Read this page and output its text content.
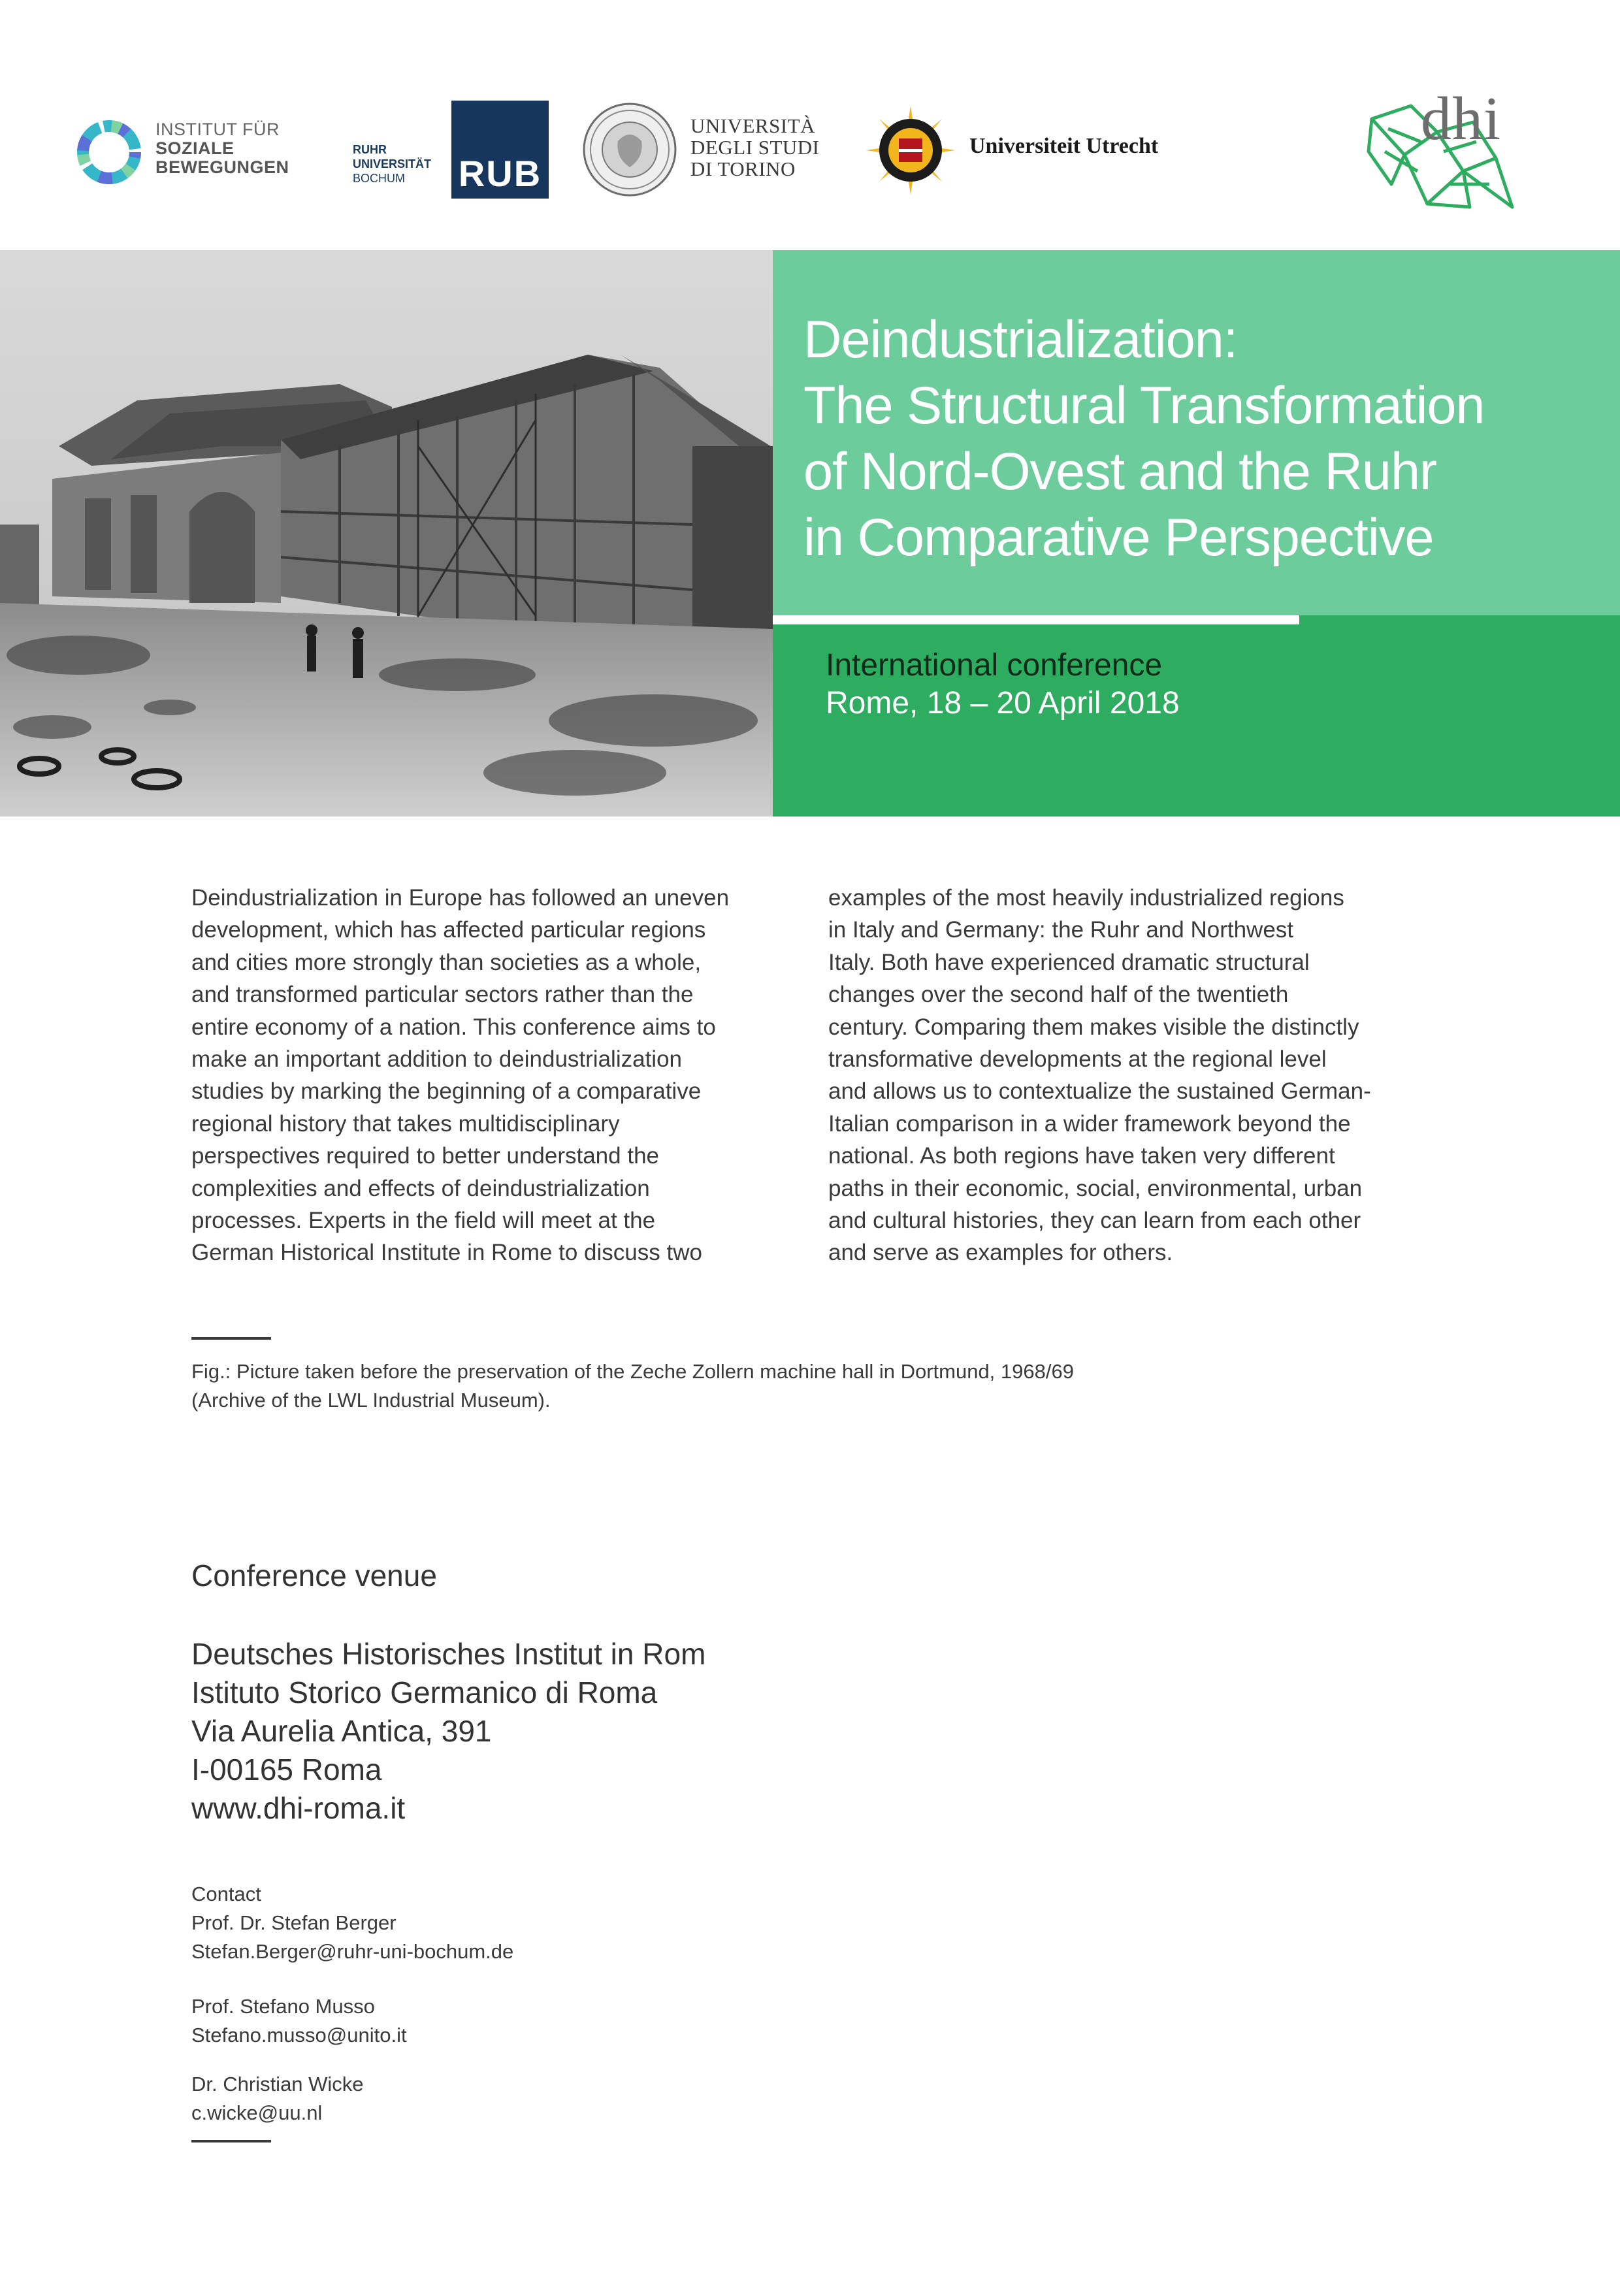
INSTITUT FÜR
SOZIALE
BEWEGUNGEN
RUHR
UNIVERSITÄT
BOCHUM	RUB
UNIVERSITÀ
DEGLI STUDI
DI TORINO
Universiteit Utrecht	dhi
Deindustrialization:
The Structural Transformation
of Nord-Ovest and the Ruhr
in Comparative Perspective
International conference
Rome, 18 – 20 April 2018
Deindustrialization in Europe has followed an uneven
development, which has affected particular regions
and cities more strongly than societies as a whole,
and transformed particular sectors rather than the
entire economy of a nation. This conference aims to
make an important addition to deindustrialization
studies by marking the beginning of a comparative
regional history that takes multidisciplinary
perspectives required to better understand the
complexities and effects of deindustrialization
processes. Experts in the field will meet at the
German Historical Institute in Rome to discuss two
examples of the most heavily industrialized regions
in Italy and Germany: the Ruhr and Northwest
Italy. Both have experienced dramatic structural
changes over the second half of the twentieth
century. Comparing them makes visible the distinctly
transformative developments at the regional level
and allows us to contextualize the sustained German-
Italian comparison in a wider framework beyond the
national. As both regions have taken very different
paths in their economic, social, environmental, urban
and cultural histories, they can learn from each other
and serve as examples for others.
Fig.: Picture taken before the preservation of the Zeche Zollern machine hall in Dortmund, 1968/69
(Archive of the LWL Industrial Museum).
Conference venue
Deutsches Historisches Institut in Rom
Istituto Storico Germanico di Roma
Via Aurelia Antica, 391
I-00165 Roma
www.dhi-roma.it
Contact
Prof. Dr. Stefan Berger
Stefan.Berger@ruhr-uni-bochum.de
Prof. Stefano Musso
Stefano.musso@unito.it
Dr. Christian Wicke
c.wicke@uu.nl
